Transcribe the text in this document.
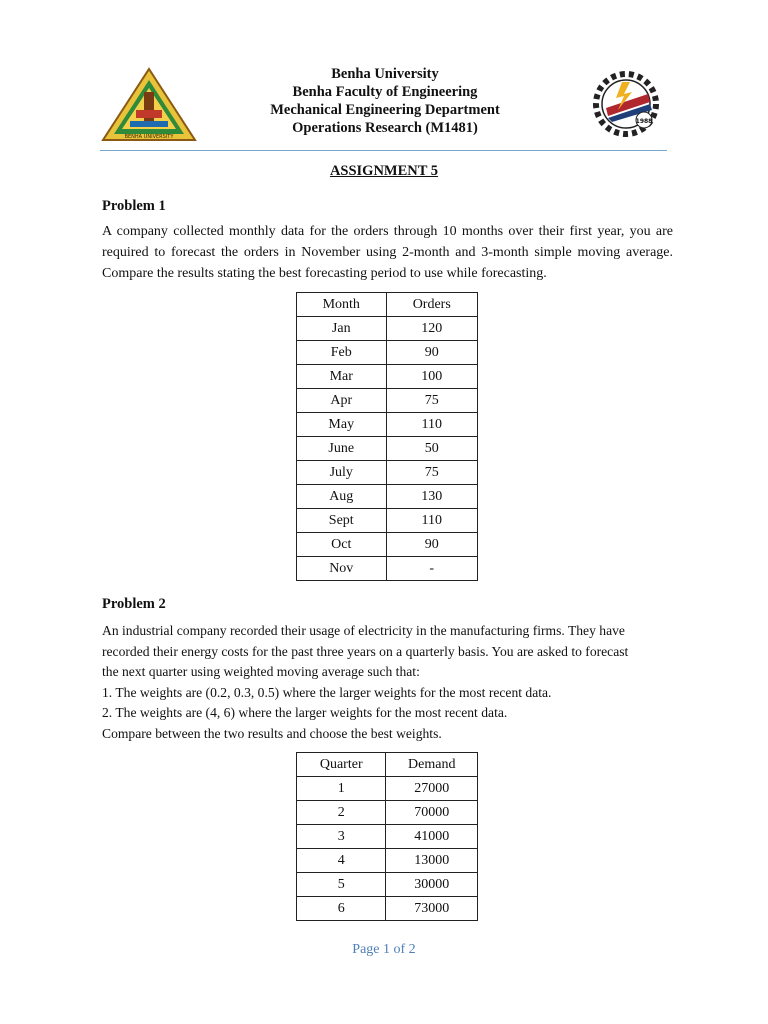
BENHA UNIVERSITY
Benha University
Benha Faculty of Engineering
Mechanical Engineering Department
Operations Research (M1481)	1988
ASSIGNMENT 5
Problem 1
A company collected monthly data for the orders through 10 months over their first year, you are required to forecast the orders in November using 2-month and 3-month simple moving average. Compare the results stating the best forecasting period to use while forecasting.
Month	Orders
Jan	120
Feb	90
Mar	100
Apr	75
May	110
June	50
July	75
Aug	130
Sept	110
Oct	90
Nov	-
Problem 2
An industrial company recorded their usage of electricity in the manufacturing firms. They have
recorded their energy costs for the past three years on a quarterly basis. You are asked to forecast
the next quarter using weighted moving average such that:
1. The weights are (0.2, 0.3, 0.5) where the larger weights for the most recent data.
2. The weights are (4, 6) where the larger weights for the most recent data.
Compare between the two results and choose the best weights.
Quarter	Demand
1	27000
2	70000
3	41000
4	13000
5	30000
6	73000
Page 1 of 2
